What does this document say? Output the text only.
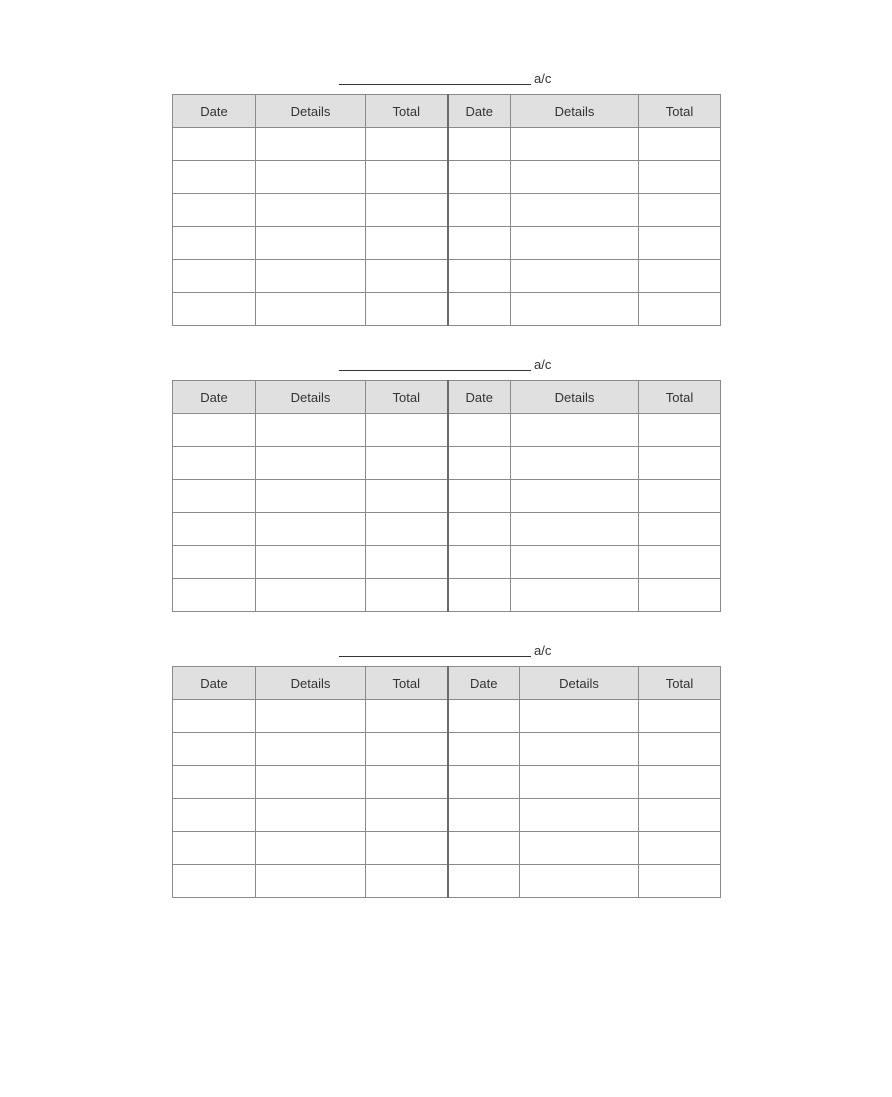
a/c
Date	Details	Total	Date	Details	Total

a/c
Date	Details	Total	Date	Details	Total

a/c
Date	Details	Total	Date	Details	Total
